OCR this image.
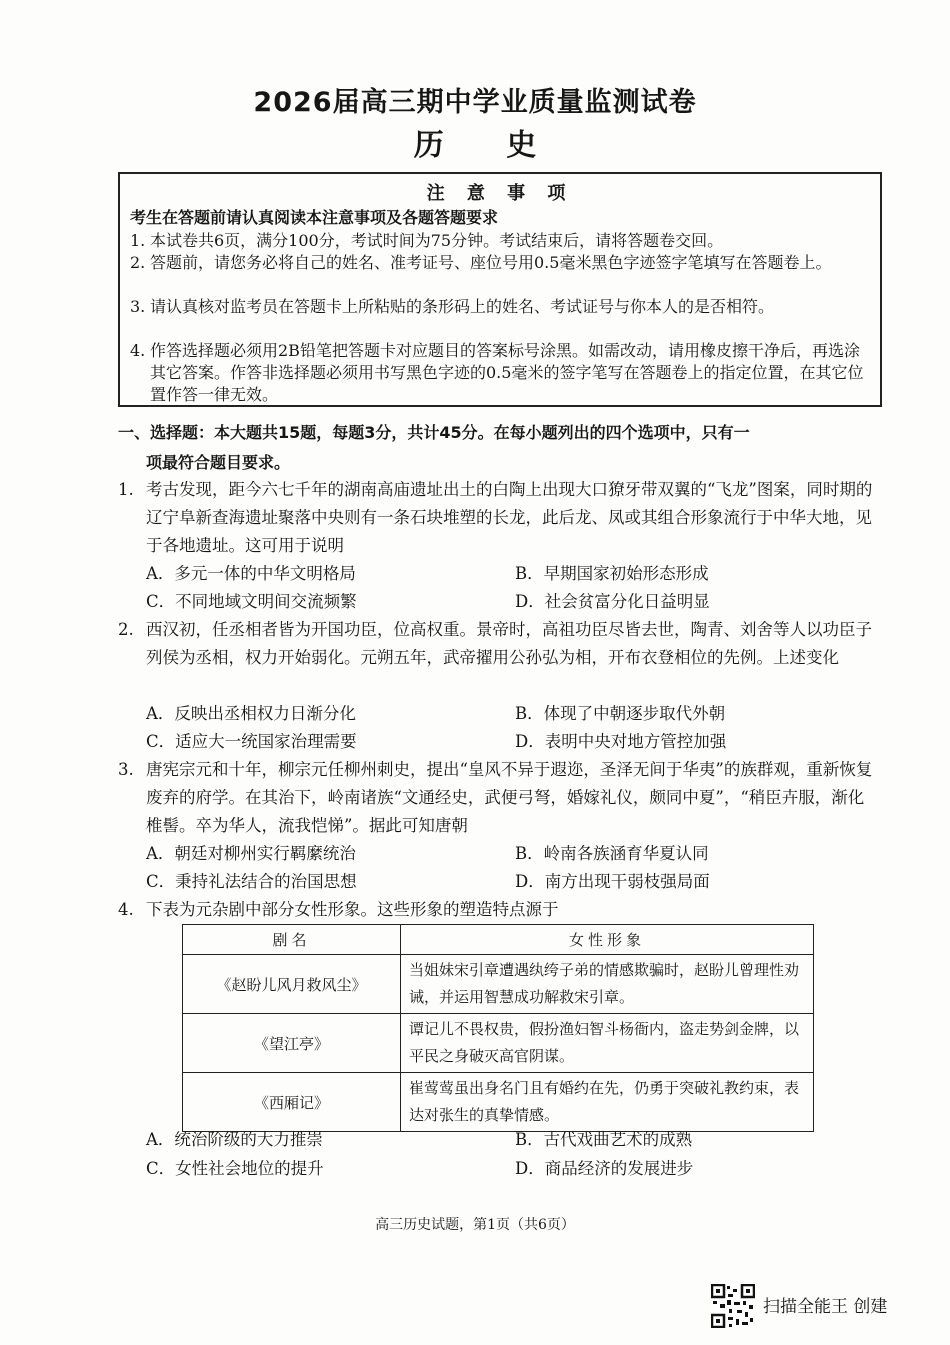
2026届高三期中学业质量监测试卷
历 史
注 意 事 项
考生在答题前请认真阅读本注意事项及各题答题要求
1. 本试卷共6页，满分100分，考试时间为75分钟。考试结束后，请将答题卷交回。
2. 答题前，请您务必将自己的姓名、准考证号、座位号用0.5毫米黑色字迹签字笔填写在答题卷上。
3. 请认真核对监考员在答题卡上所粘贴的条形码上的姓名、考试证号与你本人的是否相符。
4. 作答选择题必须用2B铅笔把答题卡对应题目的答案标号涂黑。如需改动，请用橡皮擦干净后，再选涂其它答案。作答非选择题必须用书写黑色字迹的0.5毫米的签字笔写在答题卷上的指定位置，在其它位置作答一律无效。
一、选择题：本大题共15题，每题3分，共计45分。在每小题列出的四个选项中，只有一
项最符合题目要求。
1. 考古发现，距今六七千年的湖南高庙遗址出土的白陶上出现大口獠牙带双翼的“飞龙”图案，同时期的辽宁阜新查海遗址聚落中央则有一条石块堆塑的长龙，此后龙、凤或其组合形象流行于中华大地，见于各地遗址。这可用于说明
A．多元一体的中华文明格局	B．早期国家初始形态形成
C．不同地域文明间交流频繁	D．社会贫富分化日益明显
2. 西汉初，任丞相者皆为开国功臣，位高权重。景帝时，高祖功臣尽皆去世，陶青、刘舍等人以功臣子列侯为丞相，权力开始弱化。元朔五年，武帝擢用公孙弘为相，开布衣登相位的先例。上述变化
A．反映出丞相权力日渐分化	B．体现了中朝逐步取代外朝
C．适应大一统国家治理需要	D．表明中央对地方管控加强
3. 唐宪宗元和十年，柳宗元任柳州刺史，提出“皇风不异于遐迩，圣泽无间于华夷”的族群观，重新恢复废弃的府学。在其治下，岭南诸族“文通经史，武便弓弩，婚嫁礼仪，颇同中夏”，“稍臣卉服，渐化椎髻。卒为华人，流我恺悌”。据此可知唐朝
A．朝廷对柳州实行羁縻统治	B．岭南各族涵育华夏认同
C．秉持礼法结合的治国思想	D．南方出现干弱枝强局面
4. 下表为元杂剧中部分女性形象。这些形象的塑造特点源于
剧名	女性形象
《赵盼儿风月救风尘》	当姐妹宋引章遭遇纨绔子弟的情感欺骗时，赵盼儿曾理性劝诫，并运用智慧成功解救宋引章。
《望江亭》	谭记儿不畏权贵，假扮渔妇智斗杨衙内，盗走势剑金牌，以平民之身破灭高官阴谋。
《西厢记》	崔莺莺虽出身名门且有婚约在先，仍勇于突破礼教约束，表达对张生的真挚情感。
A．统治阶级的大力推崇	B．古代戏曲艺术的成熟
C．女性社会地位的提升	D．商品经济的发展进步
高三历史试题，第1页（共6页）
扫描全能王 创建
